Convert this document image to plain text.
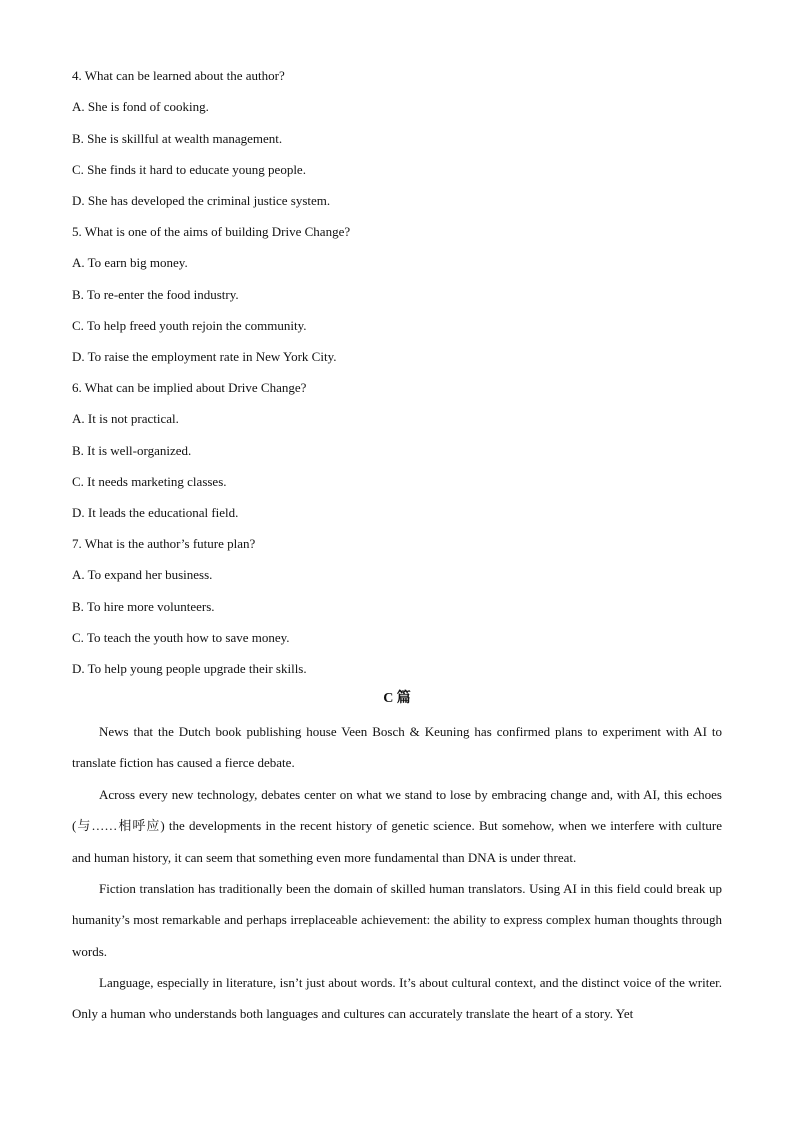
4. What can be learned about the author?

A. She is fond of cooking.

B. She is skillful at wealth management.

C. She finds it hard to educate young people.

D. She has developed the criminal justice system.

5. What is one of the aims of building Drive Change?

A. To earn big money.

B. To re-enter the food industry.

C. To help freed youth rejoin the community.

D. To raise the employment rate in New York City.

6. What can be implied about Drive Change?

A. It is not practical.

B. It is well-organized.

C. It needs marketing classes.

D. It leads the educational field.

7. What is the author’s future plan?

A. To expand her business.

B. To hire more volunteers.

C. To teach the youth how to save money.

D. To help young people upgrade their skills.

C 篇

News that the Dutch book publishing house Veen Bosch & Keuning has confirmed plans to experiment with AI to translate fiction has caused a fierce debate.

Across every new technology, debates center on what we stand to lose by embracing change and, with AI, this echoes (与……相呼应) the developments in the recent history of genetic science. But somehow, when we interfere with culture and human history, it can seem that something even more fundamental than DNA is under threat.

Fiction translation has traditionally been the domain of skilled human translators. Using AI in this field could break up humanity’s most remarkable and perhaps irreplaceable achievement: the ability to express complex human thoughts through words.

Language, especially in literature, isn’t just about words. It’s about cultural context, and the distinct voice of the writer. Only a human who understands both languages and cultures can accurately translate the heart of a story. Yet
